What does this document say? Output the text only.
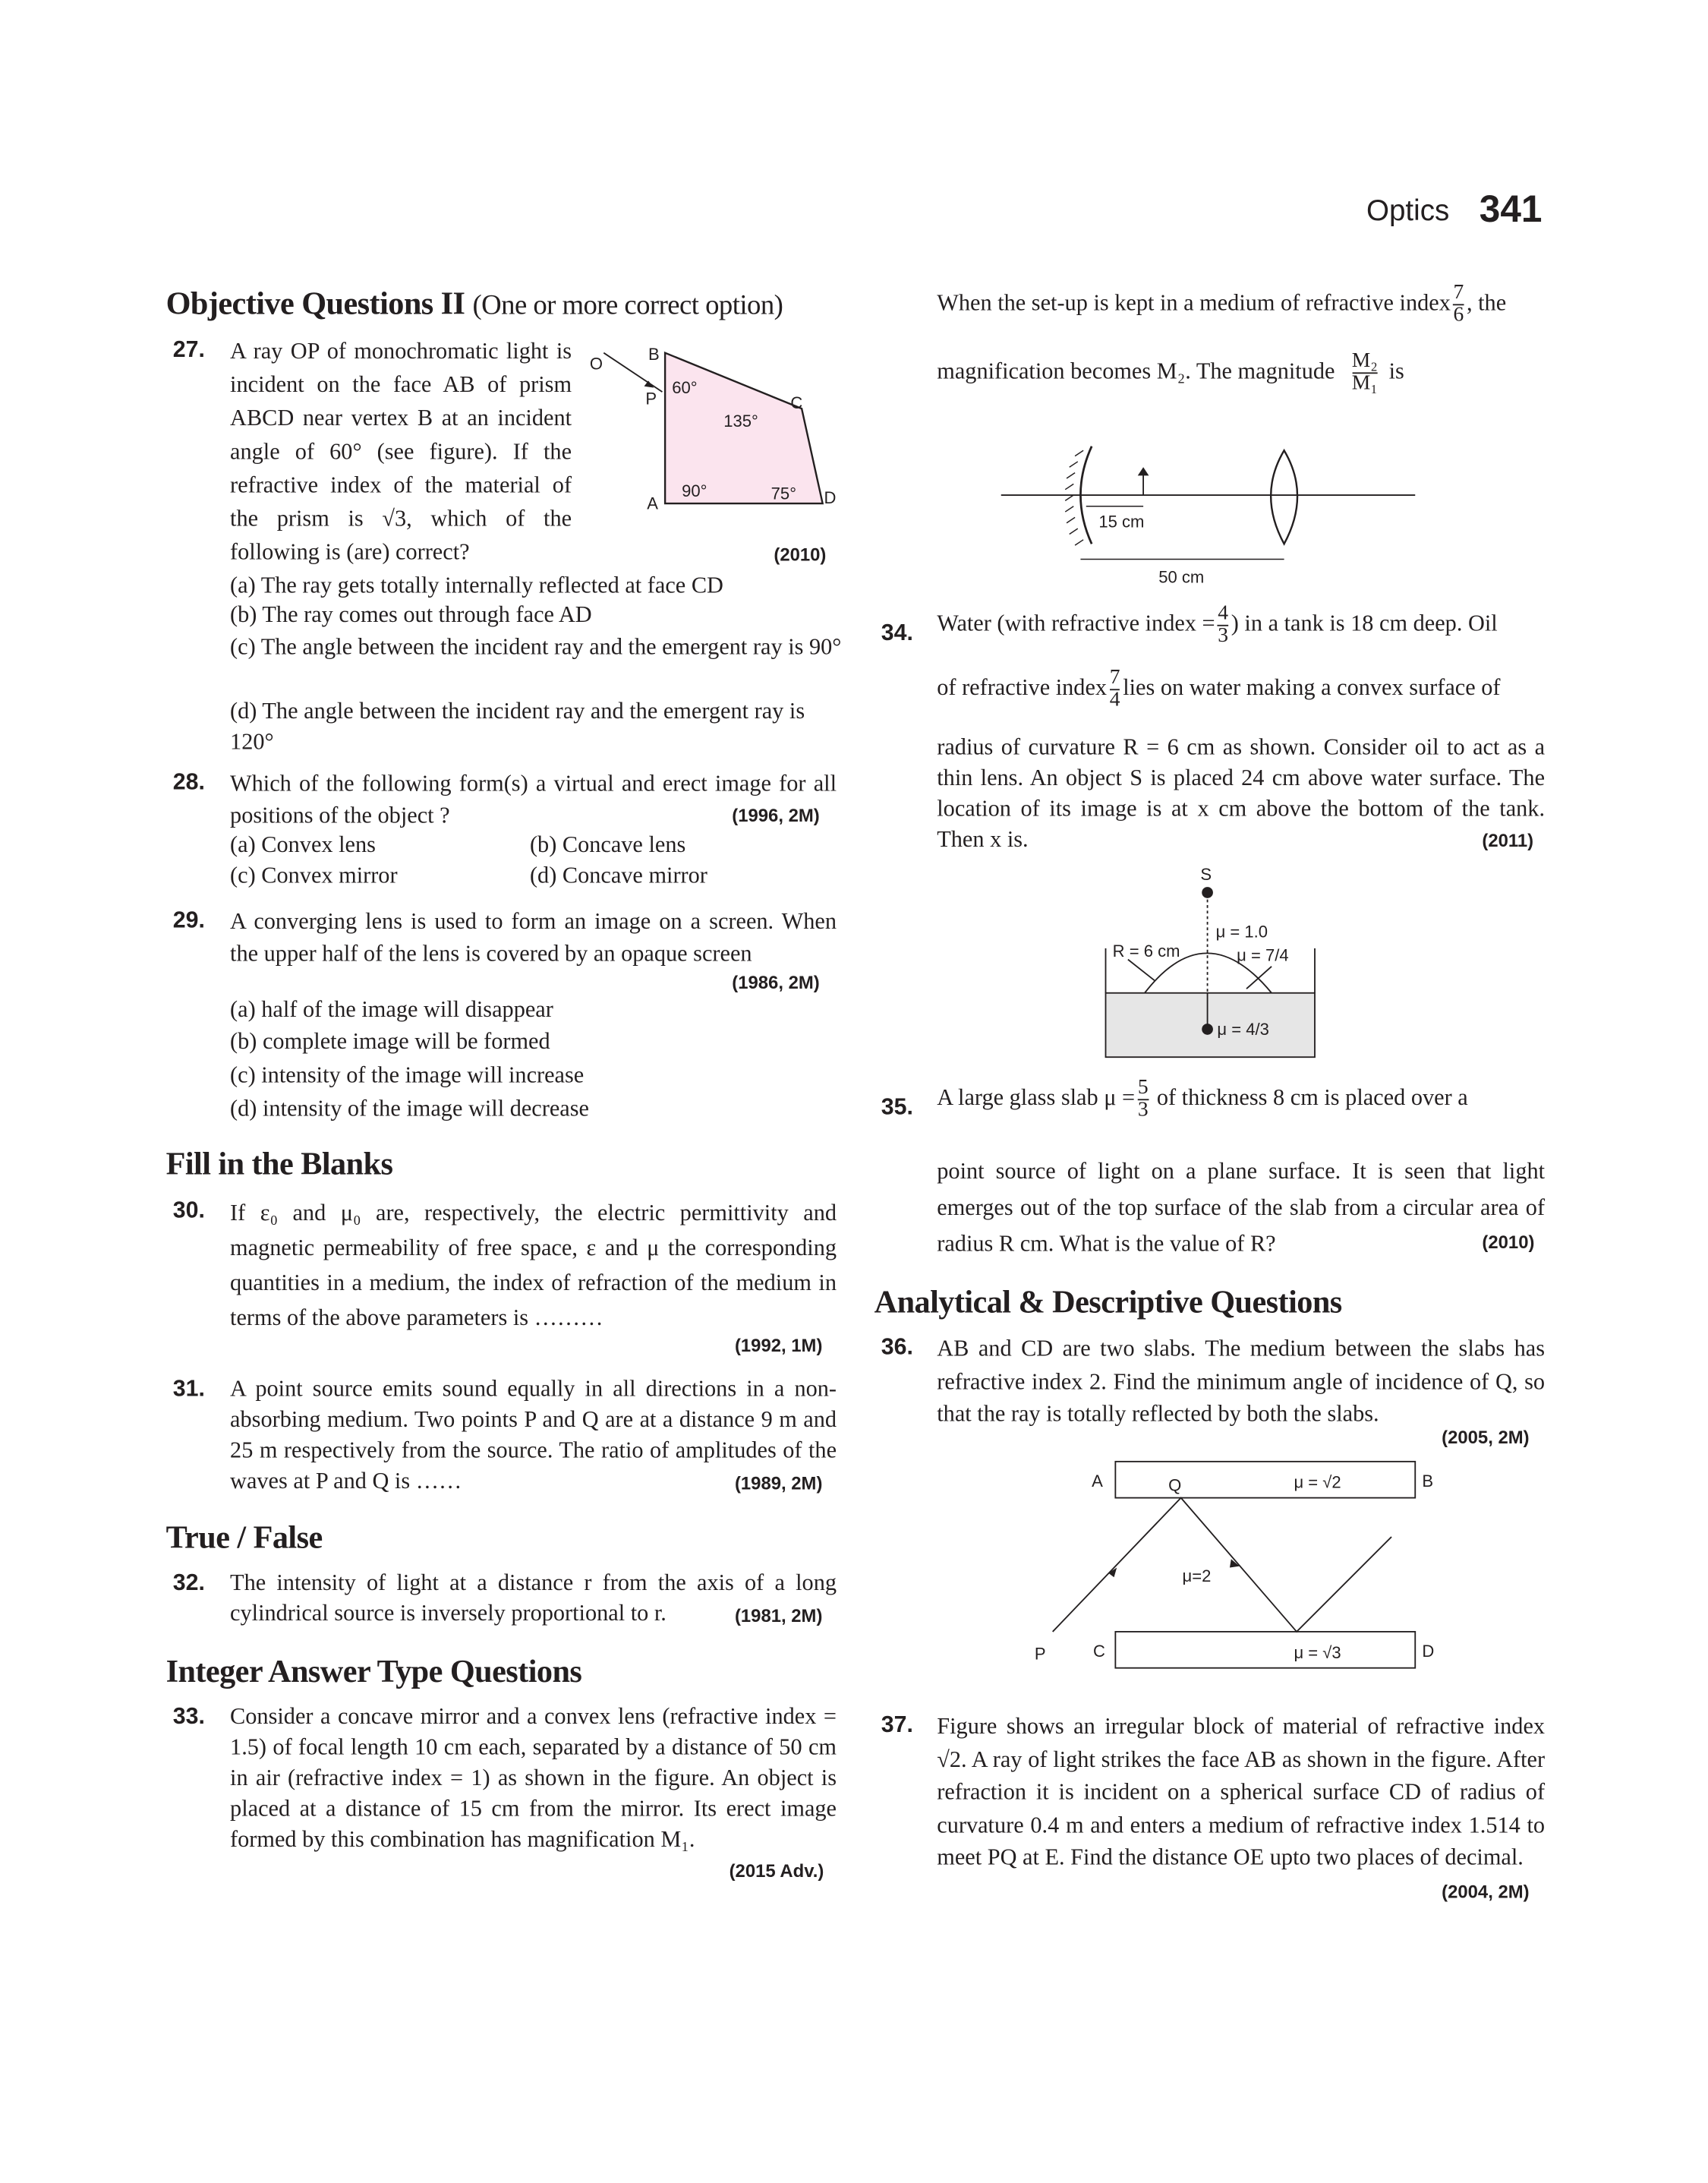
Optics 341
Objective Questions II (One or more correct option)
27. A ray OP of monochromatic light is incident on the face AB of prism ABCD near vertex B at an incident angle of 60° (see figure). If the refractive index of the material of the prism is √3, which of the following is (are) correct?	(2010)
O
B
P	C
A	D
60°
135°
90°	75°
(a) The ray gets totally internally reflected at face CD
(b) The ray comes out through face AD
(c) The angle between the incident ray and the emergent ray is 90°
(d) The angle between the incident ray and the emergent ray is 120°
28. Which of the following form(s) a virtual and erect image for all positions of the object ?	(1996, 2M)
(a) Convex lens	(b) Concave lens
(c) Convex mirror	(d) Concave mirror
29. A converging lens is used to form an image on a screen. When the upper half of the lens is covered by an opaque screen
(1986, 2M)
(a) half of the image will disappear
(b) complete image will be formed
(c) intensity of the image will increase
(d) intensity of the image will decrease
Fill in the Blanks
30. If ε₀ and μ₀ are, respectively, the electric permittivity and magnetic permeability of free space, ε and μ the corresponding quantities in a medium, the index of refraction of the medium in terms of the above parameters is ………
(1992, 1M)
31. A point source emits sound equally in all directions in a non-absorbing medium. Two points P and Q are at a distance 9 m and 25 m respectively from the source. The ratio of amplitudes of the waves at P and Q is ……	(1989, 2M)
True / False
32. The intensity of light at a distance r from the axis of a long cylindrical source is inversely proportional to r.	(1981, 2M)
Integer Answer Type Questions
33. Consider a concave mirror and a convex lens (refractive index = 1.5) of focal length 10 cm each, separated by a distance of 50 cm in air (refractive index = 1) as shown in the figure. An object is placed at a distance of 15 cm from the mirror. Its erect image formed by this combination has magnification M₁.
(2015 Adv.)
When the set-up is kept in a medium of refractive index $\frac{7}{6}$ , the
magnification becomes M₂. The magnitude $\frac{\text{M₂}}{\text{M₁}}$ is
15 cm
50 cm
34. Water (with refractive index = $\frac{4}{3}$ ) in a tank is 18 cm deep. Oil
of refractive index $\frac{7}{4}$ lies on water making a convex surface of
radius of curvature R = 6 cm as shown. Consider oil to act as a thin lens. An object S is placed 24 cm above water surface. The location of its image is at x cm above the bottom of the tank. Then x is.	(2011)
S
μ = 1.0
R = 6 cm	μ = 7/4
μ = 4/3
35. A large glass slab $\mu = \frac{5}{3}$ of thickness 8 cm is placed over a
point source of light on a plane surface. It is seen that light emerges out of the top surface of the slab from a circular area of radius R cm. What is the value of R?	(2010)
Analytical & Descriptive Questions
36. AB and CD are two slabs. The medium between the slabs has refractive index 2. Find the minimum angle of incidence of Q, so that the ray is totally reflected by both the slabs.
(2005, 2M)
A	Q	μ = √2	B
μ=2
P	C	μ = √3	D
37. Figure shows an irregular block of material of refractive index √2. A ray of light strikes the face AB as shown in the figure. After refraction it is incident on a spherical surface CD of radius of curvature 0.4 m and enters a medium of refractive index 1.514 to meet PQ at E. Find the distance OE upto two places of decimal.
(2004, 2M)
